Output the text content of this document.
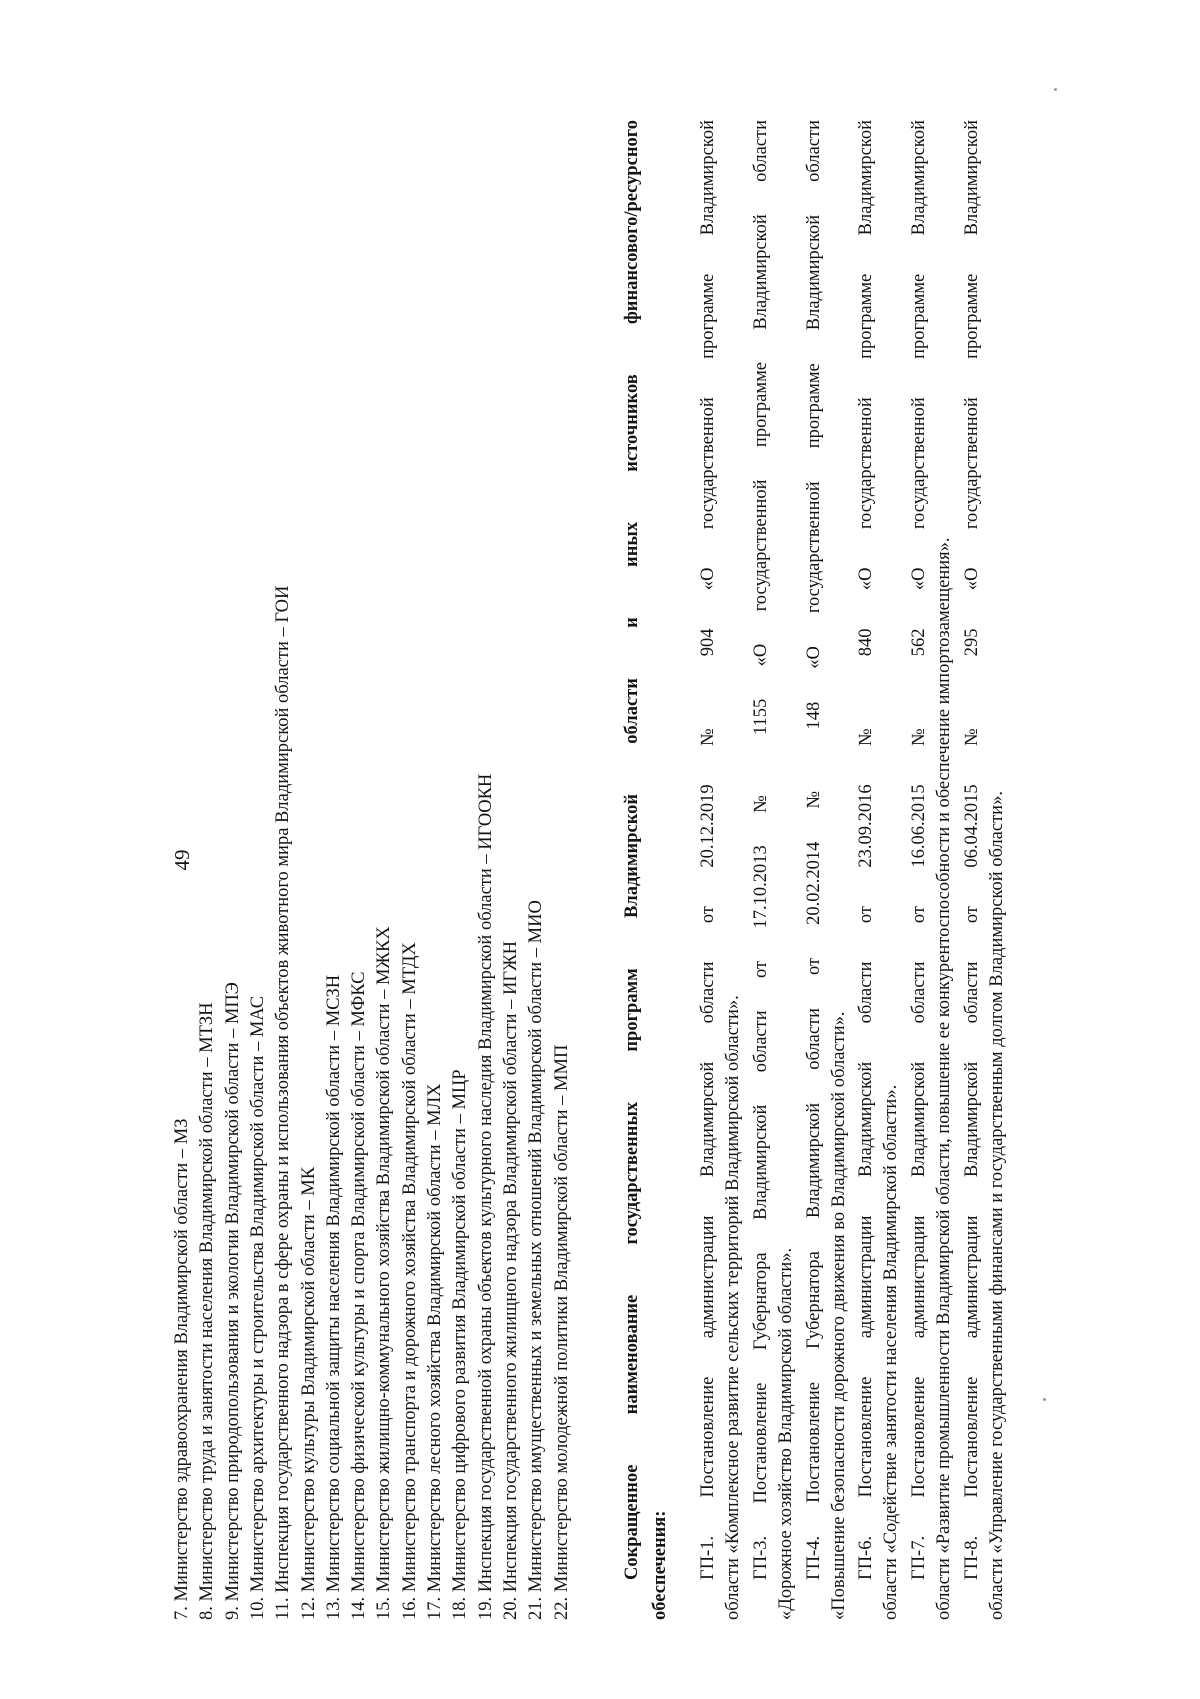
49
7. Министерство здравоохранения Владимирской области – МЗ 8. Министерство труда и занятости населения Владимирской области – МТЗН 9. Министерство природопользования и экологии Владимирской области – МПЭ 10. Министерство архитектуры и строительства Владимирской области – МАС 11. Инспекция государственного надзора в сфере охраны и использования объектов животного мира Владимирской области – ГОИ 12. Министерство культуры Владимирской области – МК 13. Министерство социальной защиты населения Владимирской области – МСЗН 14. Министерство физической культуры и спорта Владимирской области – МФКС 15. Министерство жилищно-коммунального хозяйства Владимирской области – МЖКХ 16. Министерство транспорта и дорожного хозяйства Владимирской области – МТДХ 17. Министерство лесного хозяйства Владимирской области – МЛХ 18. Министерство цифрового развития Владимирской области – МЦР 19. Инспекция государственной охраны объектов культурного наследия Владимирской области – ИГООКН 20. Инспекция государственного жилищного надзора Владимирской области – ИГЖН 21. Министерство имущественных и земельных отношений Владимирской области – МИО 22. Министерство молодежной политики Владимирской области – ММП	Сокращенное наименование государственных программ Владимирской области и иных источников финансового/ресурсного обеспечения: ГП-1. Постановление администрации Владимирской области от 20.12.2019 № 904 «О государственной программе Владимирской области «Комплексное развитие сельских территорий Владимирской области». ГП-3. Постановление Губернатора Владимирской области от 17.10.2013 № 1155 «О государственной программе Владимирской области «Дорожное хозяйство Владимирской области». ГП-4. Постановление Губернатора Владимирской области от 20.02.2014 № 148 «О государственной программе Владимирской области «Повышение безопасности дорожного движения во Владимирской области». ГП-6. Постановление администрации Владимирской области от 23.09.2016 № 840 «О государственной программе Владимирской области «Содействие занятости населения Владимирской области». ГП-7. Постановление администрации Владимирской области от 16.06.2015 № 562 «О государственной программе Владимирской области «Развитие промышленности Владимирской области, повышение ее конкурентоспособности и обеспечение импортозамещения». ГП-8. Постановление администрации Владимирской области от 06.04.2015 № 295 «О государственной программе Владимирской области «Управление государственными финансами и государственным долгом Владимирской области».
